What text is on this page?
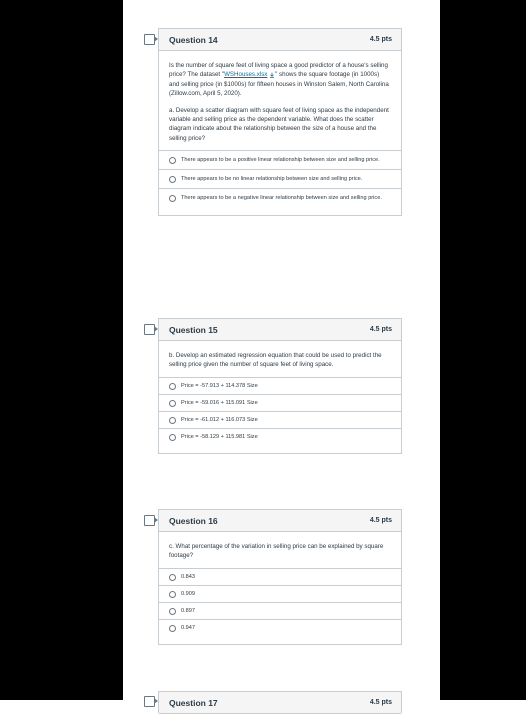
Question 14	4.5 pts

Is the number of square feet of living space a good predictor of a house's selling price? The dataset "WSHouses.xlsx " shows the square footage (in 1000s) and selling price (in $1000s) for fifteen houses in Winston Salem, North Carolina (Zillow.com, April 5, 2020).

a. Develop a scatter diagram with square feet of living space as the independent variable and selling price as the dependent variable. What does the scatter diagram indicate about the relationship between the size of a house and the selling price?

There appears to be a positive linear relationship between size and selling price.
There appears to be no linear relationship between size and selling price.
There appears to be a negative linear relationship between size and selling price.
Question 15	4.5 pts

b. Develop an estimated regression equation that could be used to predict the selling price given the number of square feet of living space.

Price = -57.913 + 114.378 Size
Price = -59.016 + 115.091 Size
Price = -61.012 + 116.073 Size
Price = -58.129 + 115.981 Size
Question 16	4.5 pts

c. What percentage of the variation in selling price can be explained by square footage?

0.843
0.909
0.897
0.947
Question 17	4.5 pts
